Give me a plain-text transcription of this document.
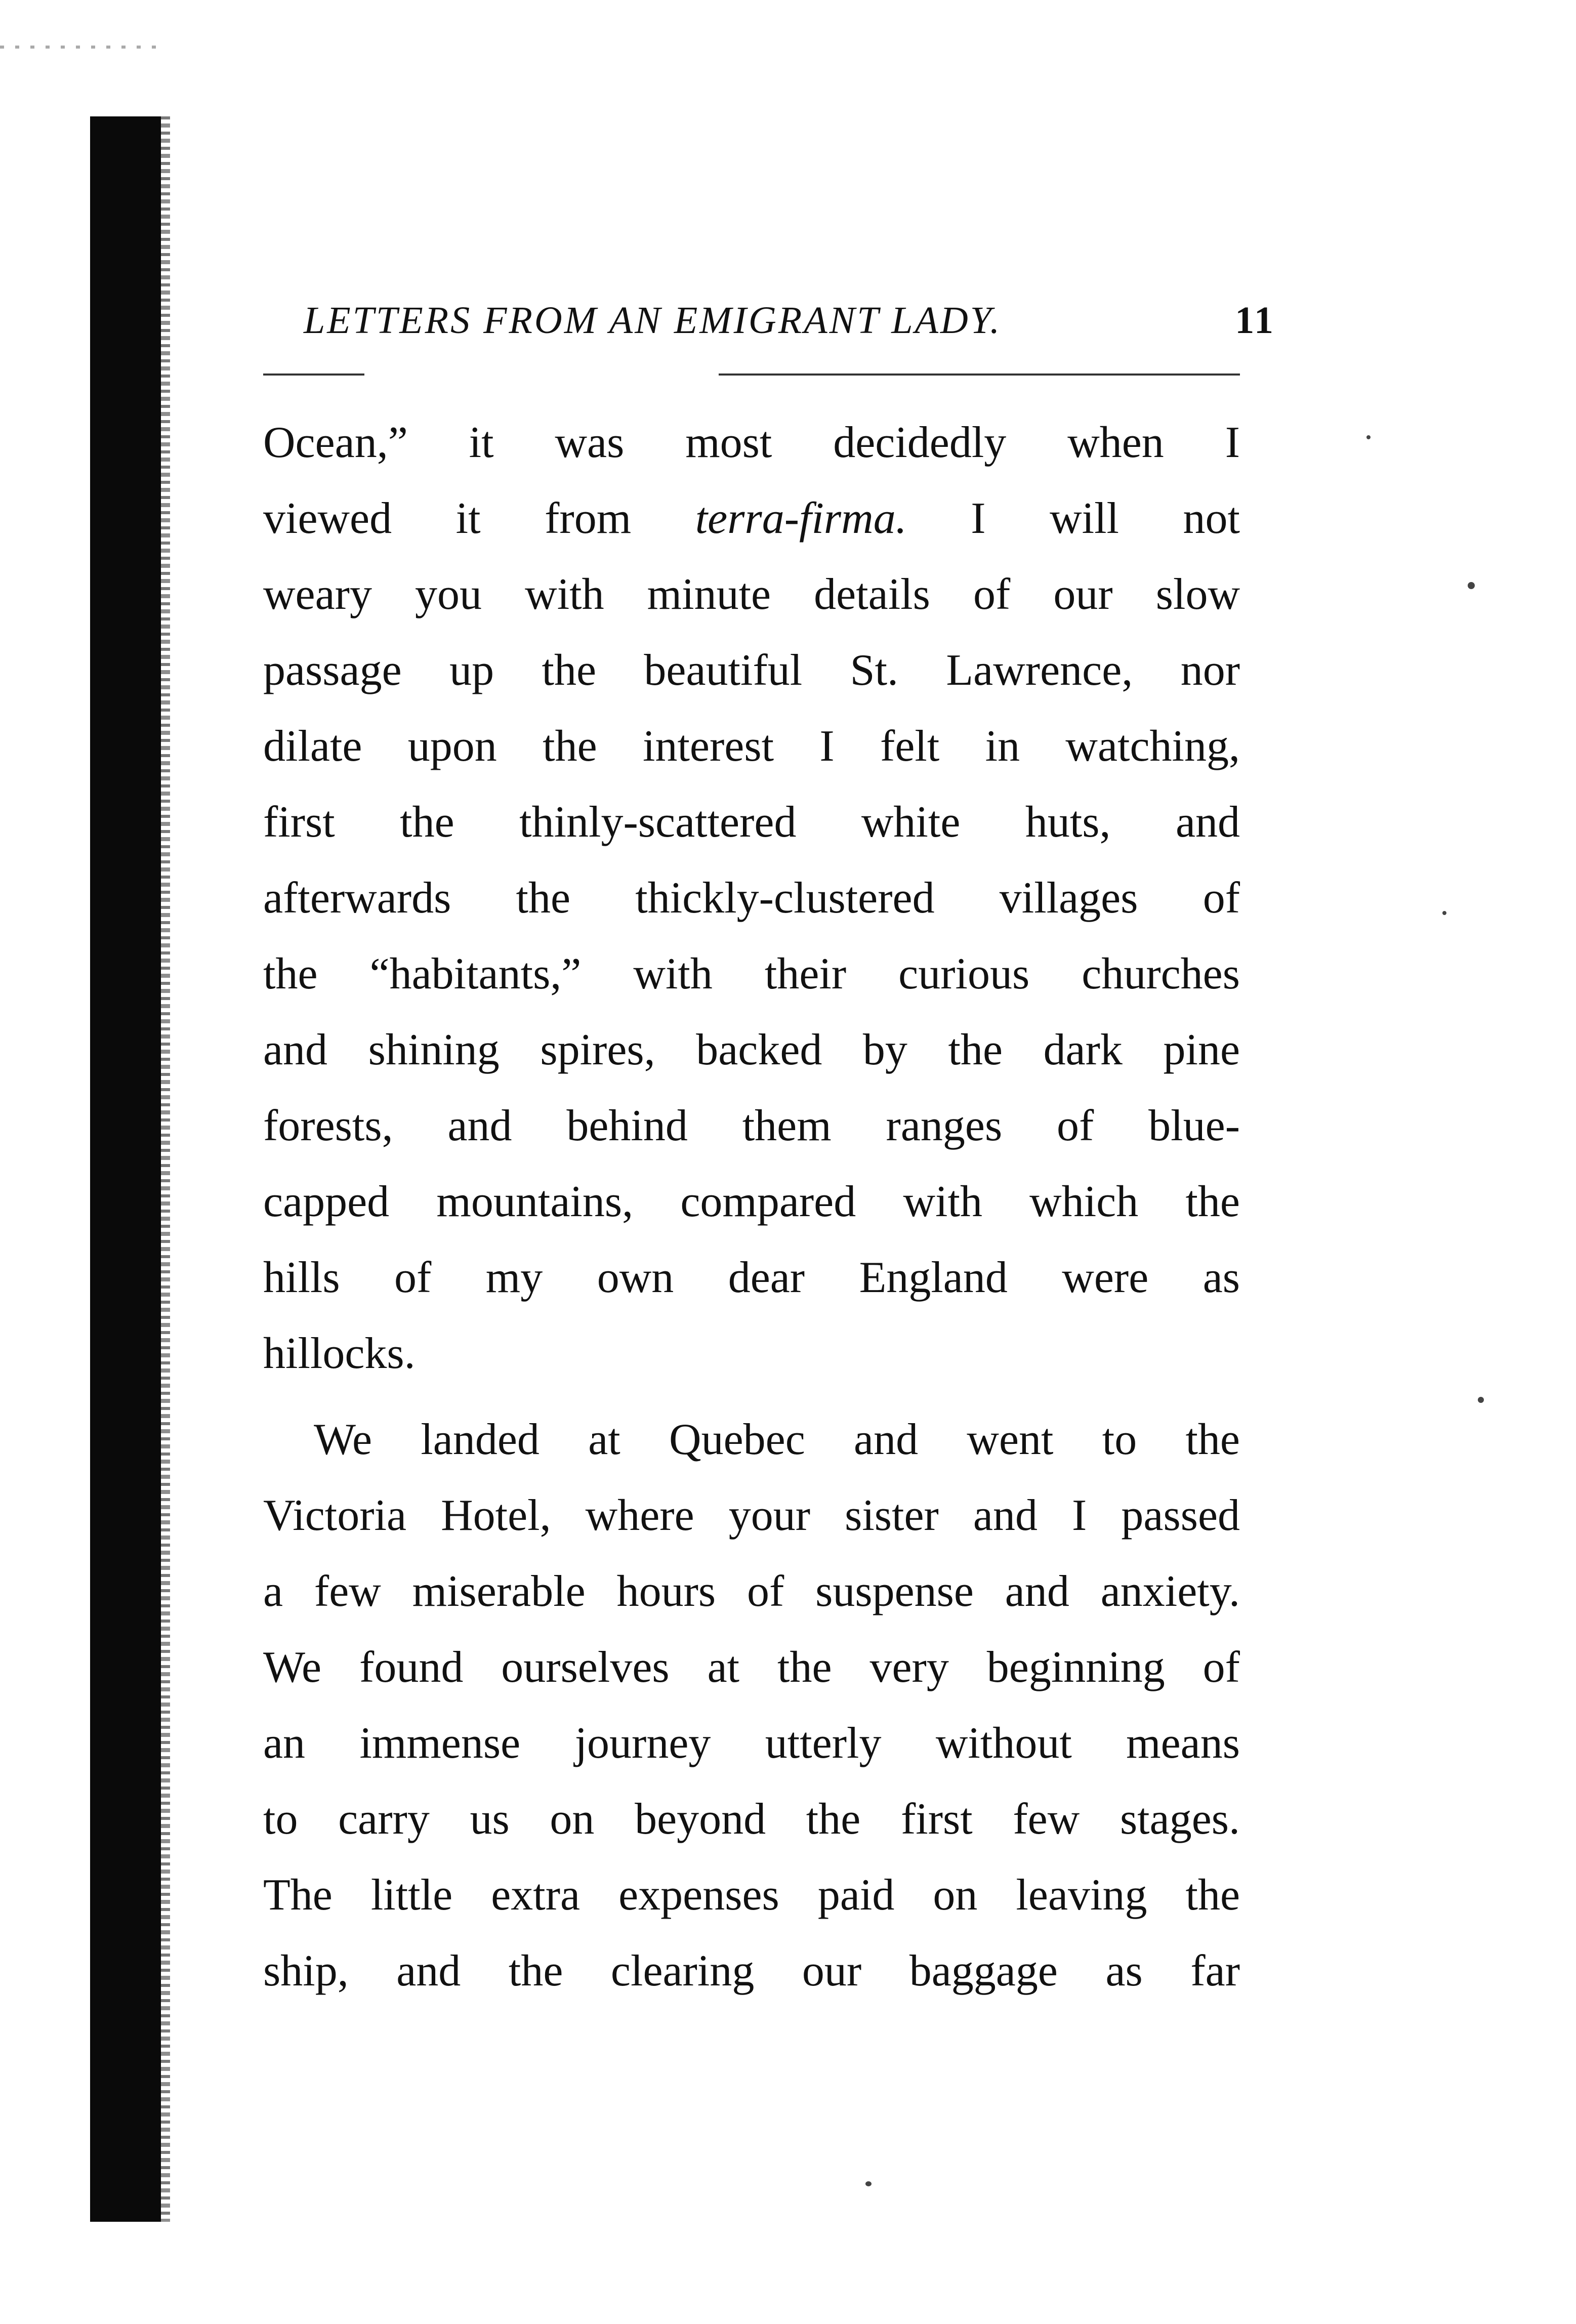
LETTERS FROM AN EMIGRANT LADY.	11
Ocean,” it was most decidedly when I
viewed it from terra-firma. I will not
weary you with minute details of our slow
passage up the beautiful St. Lawrence, nor
dilate upon the interest I felt in watching,
first the thinly-scattered white huts, and
afterwards the thickly-clustered villages of
the “habitants,” with their curious churches
and shining spires, backed by the dark pine
forests, and behind them ranges of blue-
capped mountains, compared with which the
hills of my own dear England were as
hillocks.
We landed at Quebec and went to the
Victoria Hotel, where your sister and I passed
a few miserable hours of suspense and anxiety.
We found ourselves at the very beginning of
an immense journey utterly without means
to carry us on beyond the first few stages.
The little extra expenses paid on leaving the
ship, and the clearing our baggage as far
